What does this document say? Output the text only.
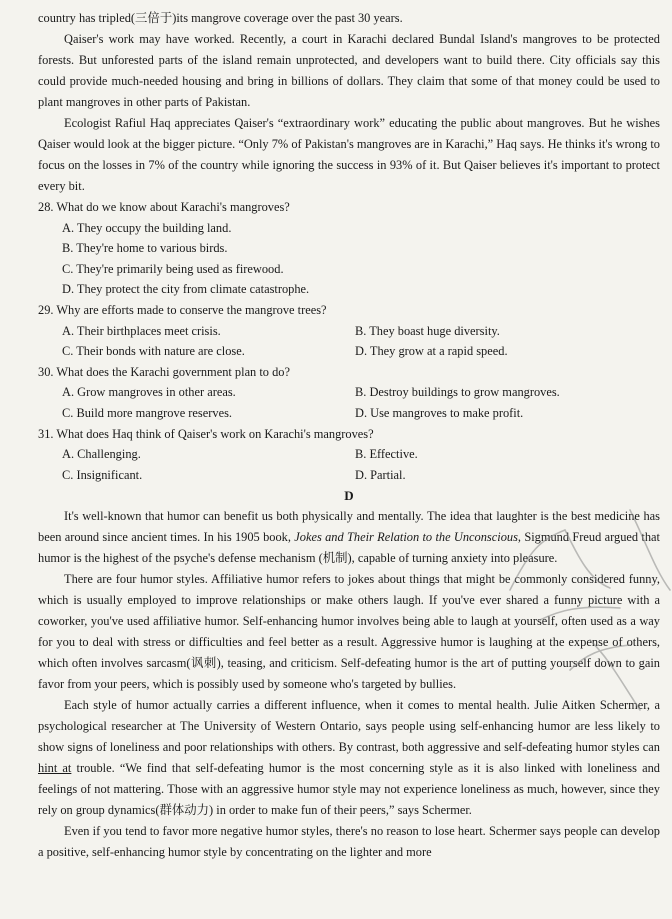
country has tripled(三倍于)its mangrove coverage over the past 30 years.

Qaiser's work may have worked. Recently, a court in Karachi declared Bundal Island's mangroves to be protected forests. But unforested parts of the island remain unprotected, and developers want to build there. City officials say this could provide much-needed housing and bring in billions of dollars. They claim that some of that money could be used to plant mangroves in other parts of Pakistan.

Ecologist Rafiul Haq appreciates Qaiser's “extraordinary work” educating the public about mangroves. But he wishes Qaiser would look at the bigger picture. “Only 7% of Pakistan's mangroves are in Karachi,” Haq says. He thinks it's wrong to focus on the losses in 7% of the country while ignoring the success in 93% of it. But Qaiser believes it's important to protect every bit.

28. What do we know about Karachi's mangroves?

A. They occupy the building land.

B. They're home to various birds.

C. They're primarily being used as firewood.

D. They protect the city from climate catastrophe.

29. Why are efforts made to conserve the mangrove trees?

A. Their birthplaces meet crisis.	B. They boast huge diversity.
C. Their bonds with nature are close.	D. They grow at a rapid speed.

30. What does the Karachi government plan to do?

A. Grow mangroves in other areas.	B. Destroy buildings to grow mangroves.
C. Build more mangrove reserves.	D. Use mangroves to make profit.

31. What does Haq think of Qaiser's work on Karachi's mangroves?

A. Challenging.	B. Effective.
C. Insignificant.	D. Partial.

D

It's well-known that humor can benefit us both physically and mentally. The idea that laughter is the best medicine has been around since ancient times. In his 1905 book, Jokes and Their Relation to the Unconscious, Sigmund Freud argued that humor is the highest of the psyche's defense mechanism (机制), capable of turning anxiety into pleasure.

There are four humor styles. Affiliative humor refers to jokes about things that might be commonly considered funny, which is usually employed to improve relationships or make others laugh. If you've ever shared a funny picture with a coworker, you've used affiliative humor. Self-enhancing humor involves being able to laugh at yourself, often used as a way for you to deal with stress or difficulties and feel better as a result. Aggressive humor is laughing at the expense of others, which often involves sarcasm(讽刺), teasing, and criticism. Self-defeating humor is the art of putting yourself down to gain favor from your peers, which is possibly used by someone who's targeted by bullies.

Each style of humor actually carries a different influence, when it comes to mental health. Julie Aitken Schermer, a psychological researcher at The University of Western Ontario, says people using self-enhancing humor are less likely to show signs of loneliness and poor relationships with others. By contrast, both aggressive and self-defeating humor styles can hint at trouble. “We find that self-defeating humor is the most concerning style as it is also linked with loneliness and feelings of not mattering. Those with an aggressive humor style may not experience loneliness as much, however, since they rely on group dynamics(群体动力) in order to make fun of their peers,” says Schermer.

Even if you tend to favor more negative humor styles, there's no reason to lose heart. Schermer says people can develop a positive, self-enhancing humor style by concentrating on the lighter and more
